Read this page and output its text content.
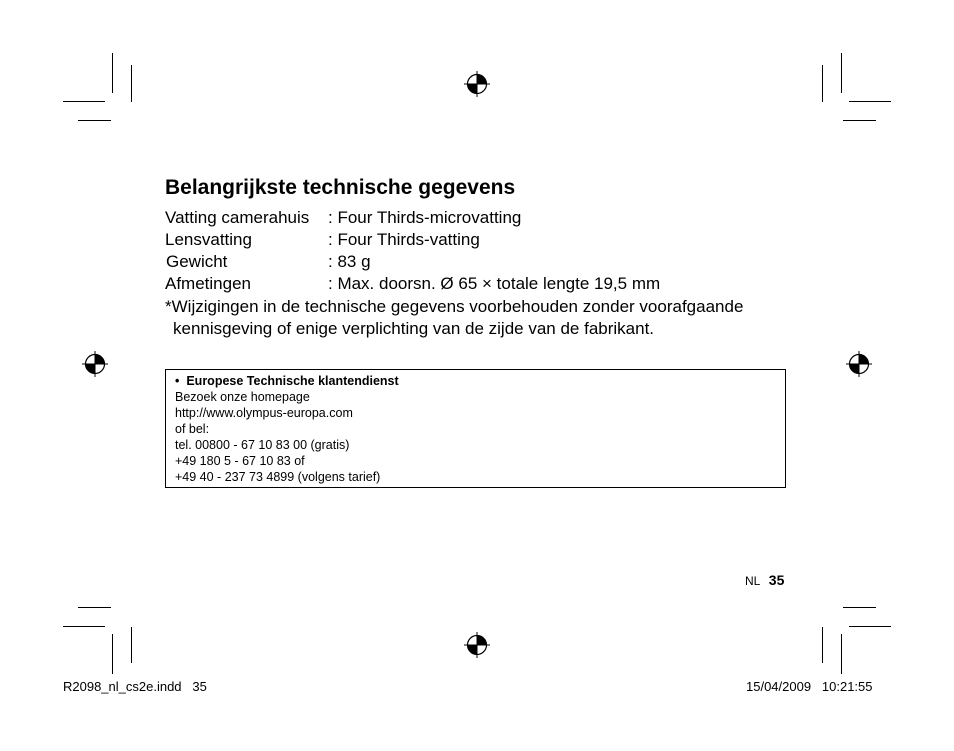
Belangrijkste technische gegevens
Vatting camerahuis : Four Thirds-microvatting
Lensvatting	: Four Thirds-vatting
Gewicht	: 83 g
Afmetingen	: Max. doorsn. Ø 65 × totale lengte 19,5 mm
*Wijzigingen in de technische gegevens voorbehouden zonder voorafgaande
kennisgeving of enige verplichting van de zijde van de fabrikant.
• Europese Technische klantendienst
Bezoek onze homepage
http://www.olympus-europa.com
of bel:
tel. 00800 - 67 10 83 00 (gratis)
+49 180 5 - 67 10 83 of
+49 40 - 237 73 4899 (volgens tarief)
NL 35
R2098_nl_cs2e.indd   35	15/04/2009   10:21:55
